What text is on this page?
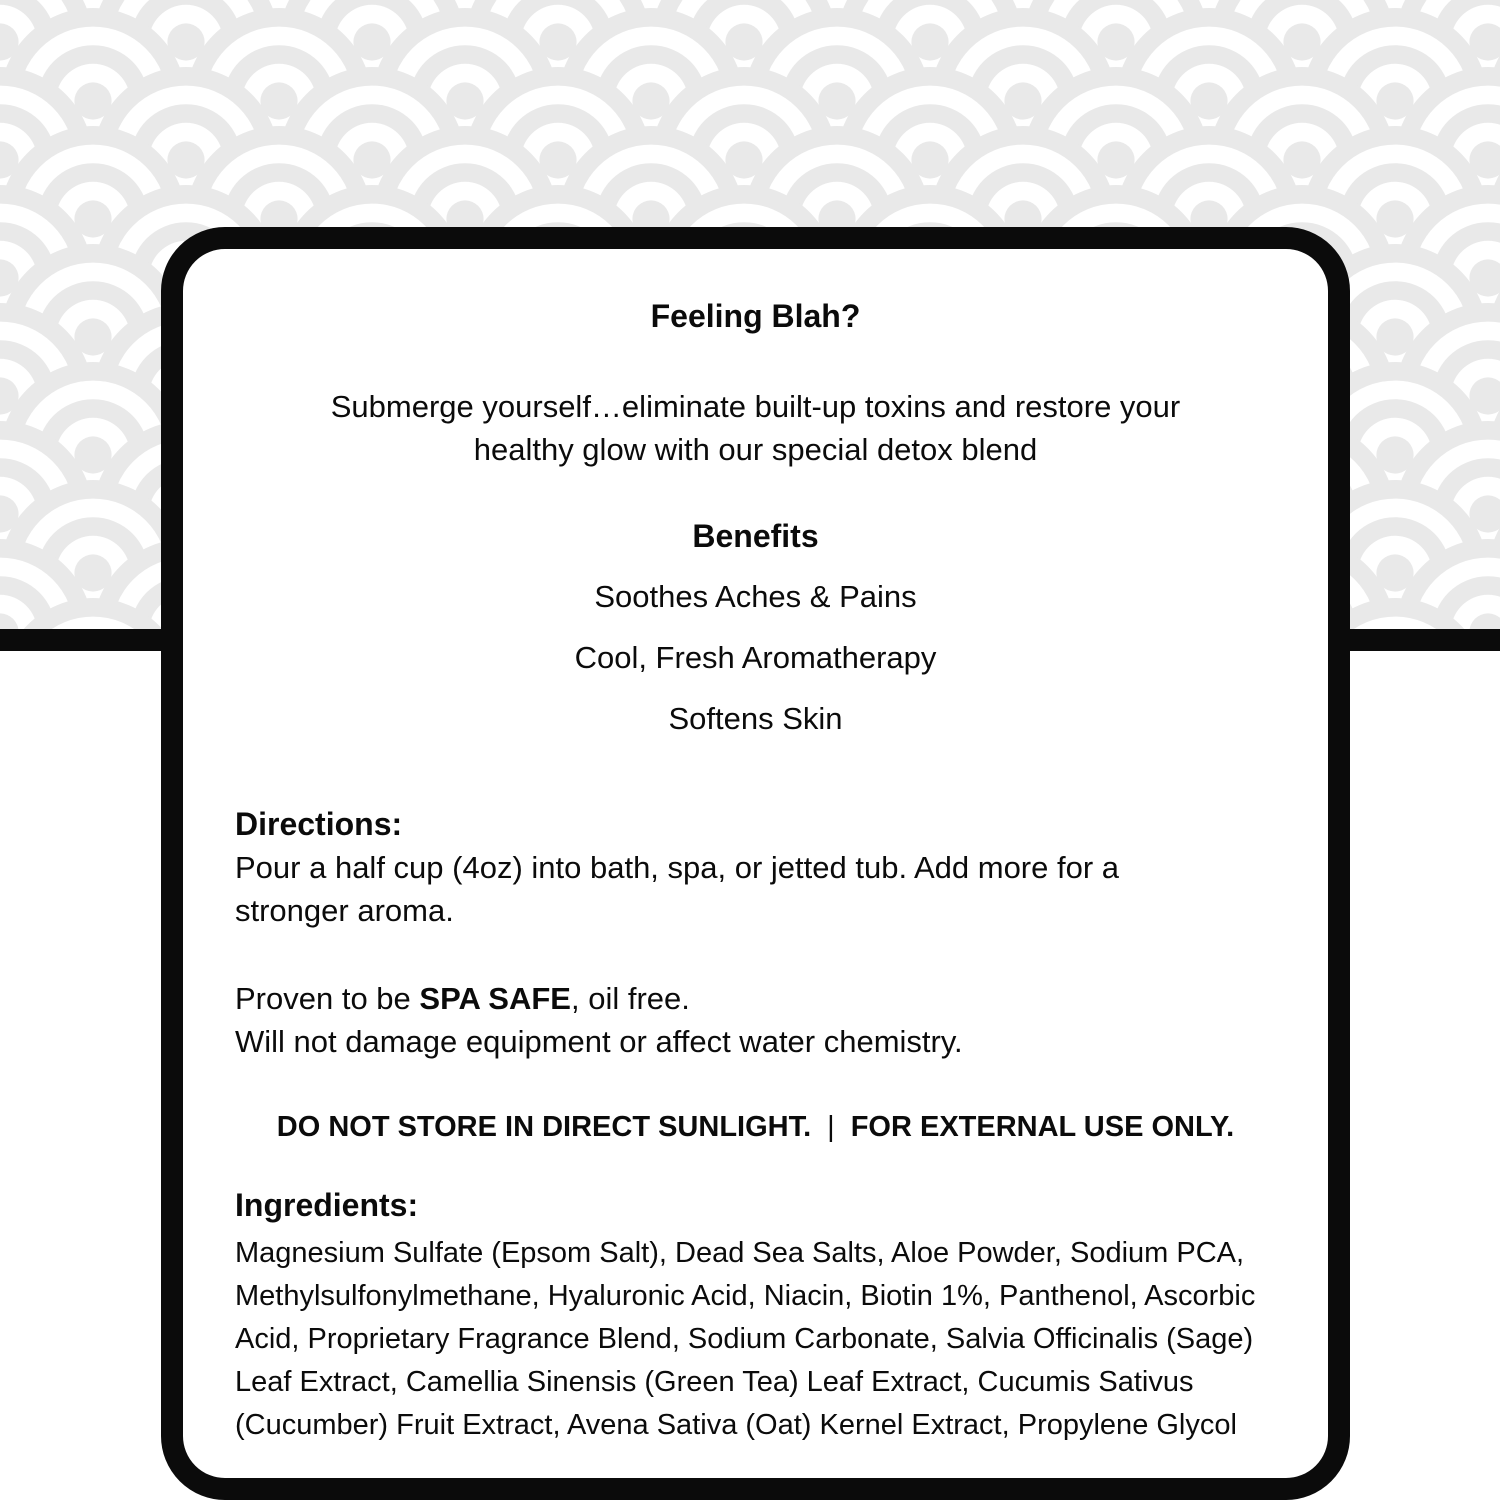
Feeling Blah?
Submerge yourself…eliminate built-up toxins and restore your
healthy glow with our special detox blend
Benefits
Soothes Aches & Pains
Cool, Fresh Aromatherapy
Softens Skin
Directions:
Pour a half cup (4oz) into bath, spa, or jetted tub. Add more for a
stronger aroma.
Proven to be SPA SAFE, oil free.
Will not damage equipment or affect water chemistry.
DO NOT STORE IN DIRECT SUNLIGHT. | FOR EXTERNAL USE ONLY.
Ingredients:
Magnesium Sulfate (Epsom Salt), Dead Sea Salts, Aloe Powder, Sodium PCA,
Methylsulfonylmethane, Hyaluronic Acid, Niacin, Biotin 1%, Panthenol, Ascorbic
Acid, Proprietary Fragrance Blend, Sodium Carbonate, Salvia Officinalis (Sage)
Leaf Extract, Camellia Sinensis (Green Tea) Leaf Extract, Cucumis Sativus
(Cucumber) Fruit Extract, Avena Sativa (Oat) Kernel Extract, Propylene Glycol
